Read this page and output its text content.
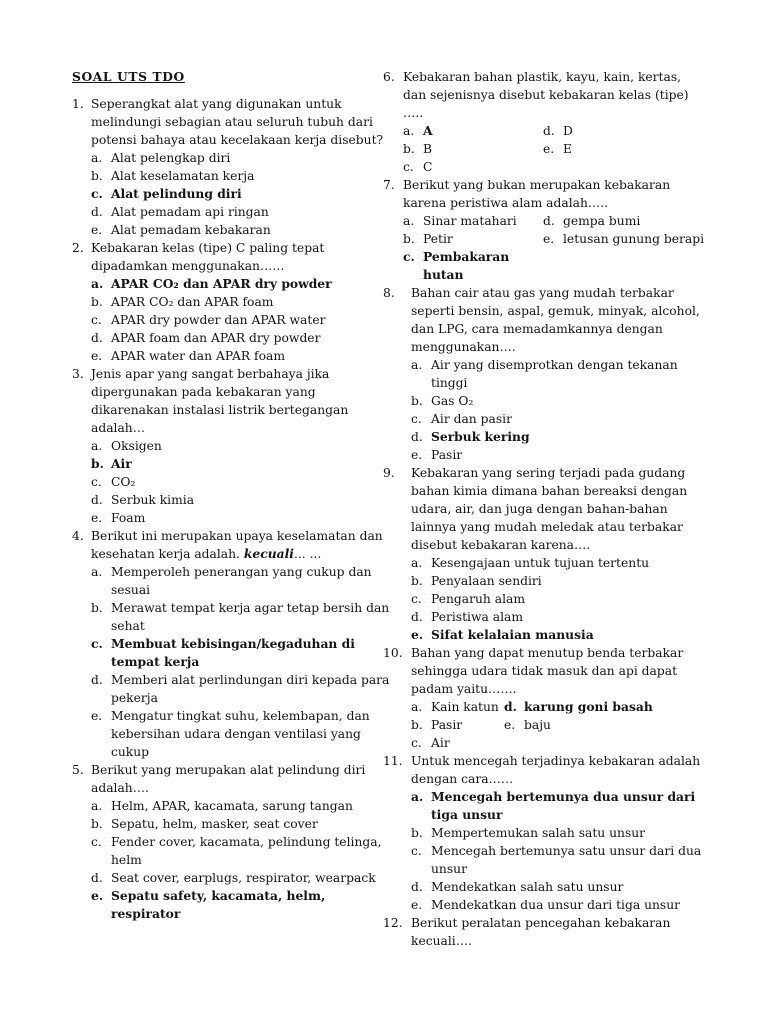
SOAL UTS TDO
1. Seperangkat alat yang digunakan untuk melindungi sebagian atau seluruh tubuh dari potensi bahaya atau kecelakaan kerja disebut?
a. Alat pelengkap diri
b. Alat keselamatan kerja
c. Alat pelindung diri
d. Alat pemadam api ringan
e. Alat pemadam kebakaran
2. Kebakaran kelas (tipe) C paling tepat dipadamkan menggunakan……
a. APAR CO₂ dan APAR dry powder
b. APAR CO₂ dan APAR foam
c. APAR dry powder dan APAR water
d. APAR foam dan APAR dry powder
e. APAR water dan APAR foam
3. Jenis apar yang sangat berbahaya jika dipergunakan pada kebakaran yang dikarenakan instalasi listrik bertegangan adalah…
a. Oksigen
b. Air
c. CO₂
d. Serbuk kimia
e. Foam
4. Berikut ini merupakan upaya keselamatan dan kesehatan kerja adalah. kecuali... ...
a. Memperoleh penerangan yang cukup dan sesuai
b. Merawat tempat kerja agar tetap bersih dan sehat
c. Membuat kebisingan/kegaduhan di tempat kerja
d. Memberi alat perlindungan diri kepada para pekerja
e. Mengatur tingkat suhu, kelembapan, dan kebersihan udara dengan ventilasi yang cukup
5. Berikut yang merupakan alat pelindung diri adalah….
a. Helm, APAR, kacamata, sarung tangan
b. Sepatu, helm, masker, seat cover
c. Fender cover, kacamata, pelindung telinga, helm
d. Seat cover, earplugs, respirator, wearpack
e. Sepatu safety, kacamata, helm, respirator
6. Kebakaran bahan plastik, kayu, kain, kertas, dan sejenisnya disebut kebakaran kelas (tipe) …..
a. A	d. D
b. B	e. E
c. C
7. Berikut yang bukan merupakan kebakaran karena peristiwa alam adalah…..
a. Sinar matahari	d. gempa bumi
b. Petir	e. letusan gunung berapi
c. Pembakaran hutan
8.	Bahan cair atau gas yang mudah terbakar seperti bensin, aspal, gemuk, minyak, alcohol, dan LPG, cara memadamkannya dengan menggunakan….
a. Air yang disemprotkan dengan tekanan tinggi
b. Gas O₂
c. Air dan pasir
d. Serbuk kering
e. Pasir
9.	Kebakaran yang sering terjadi pada gudang bahan kimia dimana bahan bereaksi dengan udara, air, dan juga dengan bahan-bahan lainnya yang mudah meledak atau terbakar disebut kebakaran karena….
a. Kesengajaan untuk tujuan tertentu
b. Penyalaan sendiri
c. Pengaruh alam
d. Peristiwa alam
e. Sifat kelalaian manusia
10. Bahan yang dapat menutup benda terbakar sehingga udara tidak masuk dan api dapat padam yaitu…….
a. Kain katun d. karung goni basah
b. Pasir	e. baju
c. Air
11. Untuk mencegah terjadinya kebakaran adalah dengan cara……
a. Mencegah bertemunya dua unsur dari tiga unsur
b. Mempertemukan salah satu unsur
c. Mencegah bertemunya satu unsur dari dua unsur
d. Mendekatkan salah satu unsur
e. Mendekatkan dua unsur dari tiga unsur
12. Berikut peralatan pencegahan kebakaran kecuali….
